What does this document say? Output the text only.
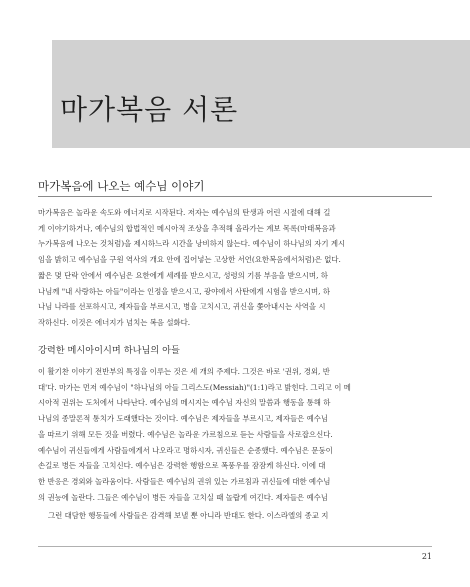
마가복음 서론
마가복음에 나오는 예수님 이야기

마가복음은 놀라운 속도와 에너지로 시작된다. 저자는 예수님의 탄생과 어린 시절에 대해 길
게 이야기하거나, 예수님의 합법적인 메시아적 조상을 추적해 올라가는 계보 목록(마태복음과
누가복음에 나오는 것처럼)을 제시하느라 시간을 낭비하지 않는다. 예수님이 하나님의 자기 계시
임을 밝히고 예수님을 구원 역사의 개요 안에 집어넣는 고상한 서언(요한복음에서처럼)은 없다.
짧은 몇 단락 안에서 예수님은 요한에게 세례를 받으시고, 성령의 기름 부음을 받으시며, 하
나님께 "내 사랑하는 아들"이라는 인정을 받으시고, 광야에서 사탄에게 시험을 받으시며, 하
나님 나라를 선포하시고, 제자들을 부르시고, 병을 고치시고, 귀신을 쫓아내시는 사역을 시
작하신다. 이것은 에너지가 넘치는 복음 설화다.

강력한 메시아이시며 하나님의 아들

이 활기찬 이야기 전반부의 특징을 이루는 것은 세 개의 주제다. 그것은 바로 '권위, 경외, 반
대'다. 마가는 먼저 예수님이 "하나님의 아들 그리스도(Messiah)"(1:1)라고 밝힌다. 그리고 이 메
시아적 권위는 도처에서 나타난다. 예수님의 메시지는 예수님 자신의 말씀과 행동을 통해 하
나님의 종말론적 통치가 도래했다는 것이다. 예수님은 제자들을 부르시고, 제자들은 예수님
을 따르기 위해 모든 것을 버렸다. 예수님은 놀라운 가르침으로 듣는 사람들을 사로잡으신다.
예수님이 귀신들에게 사람들에게서 나오라고 명하시자, 귀신들은 순종했다. 예수님은 문둥이
손길로 병든 자들을 고치신다. 예수님은 강력한 행함으로 폭풍우를 잠잠케 하신다. 이에 대
한 반응은 경외와 놀라움이다. 사람들은 예수님의 권위 있는 가르침과 귀신들에 대한 예수님
의 권능에 놀란다. 그들은 예수님이 병든 자들을 고치실 때 놀랍게 여긴다. 제자들은 예수님

그런 대담한 행동들에 사람들은 감격해 보낼 뿐 아니라 반대도 한다. 이스라엘의 종교 지

21
